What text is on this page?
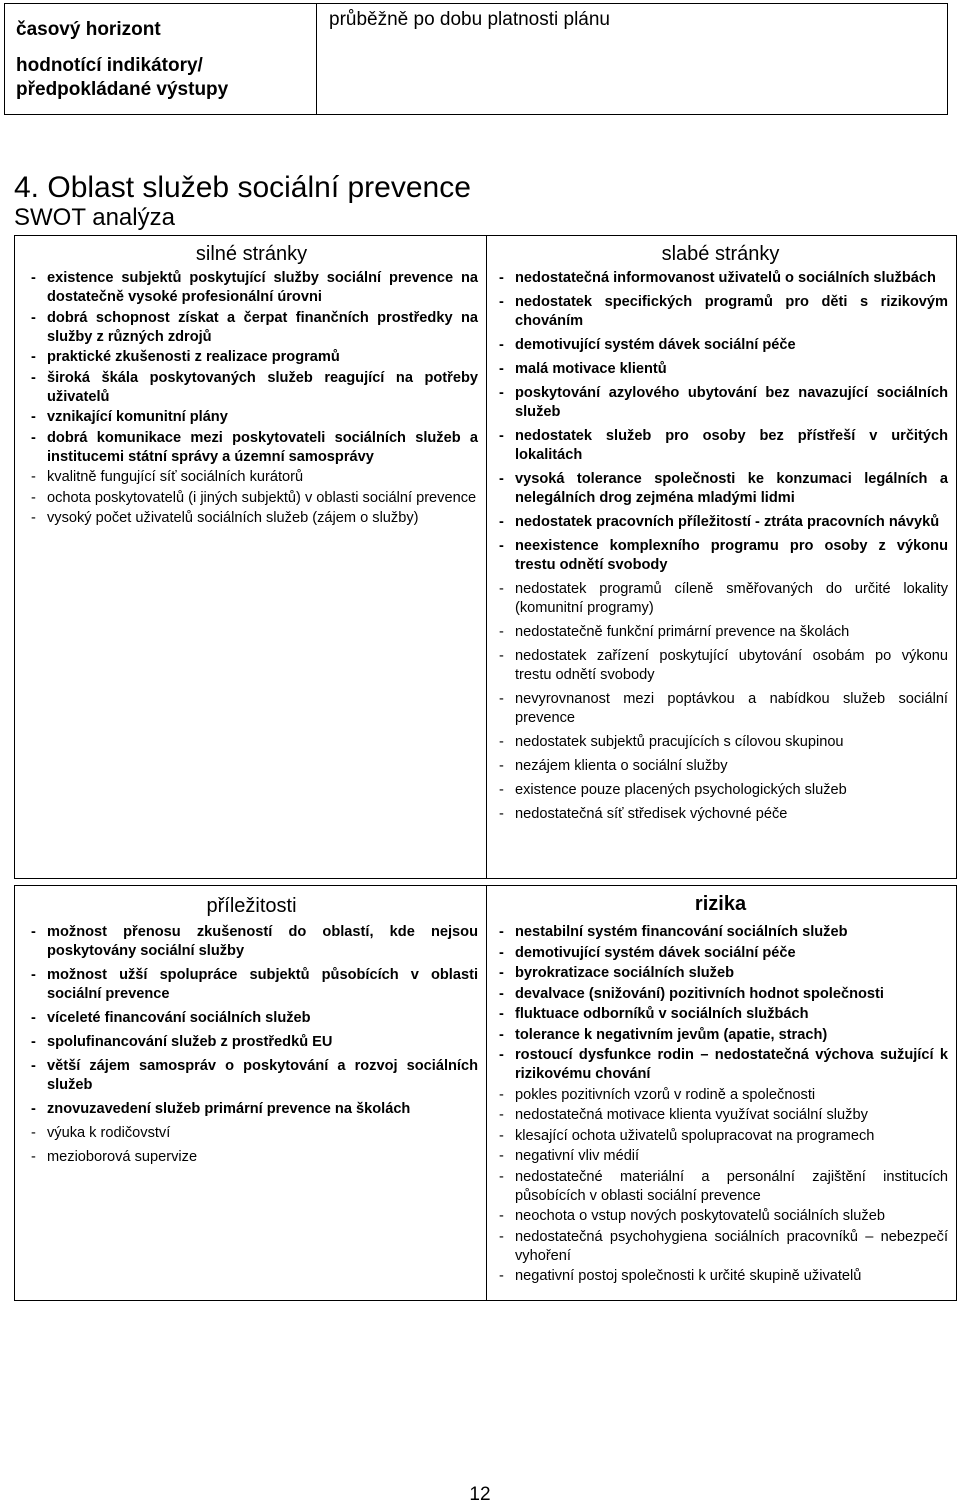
časový horizont
hodnotící indikátory/
předpokládané výstupy
	průběžně po dobu platnosti plánu
4. Oblast služeb sociální prevence
SWOT analýza

silné stránky

- existence subjektů poskytující služby sociální prevence na dostatečně vysoké profesionální úrovni
- dobrá schopnost získat a čerpat finančních prostředky na služby z různých zdrojů
- praktické zkušenosti z realizace programů
- široká škála poskytovaných služeb reagující na potřeby uživatelů
- vznikající komunitní plány
- dobrá komunikace mezi poskytovateli sociálních služeb a institucemi státní správy a územní samosprávy
- kvalitně fungující síť sociálních kurátorů
- ochota poskytovatelů (i jiných subjektů) v oblasti sociální prevence
- vysoký počet uživatelů sociálních služeb (zájem o služby)

slabé stránky

- nedostatečná informovanost uživatelů o sociálních službách
- nedostatek specifických programů pro děti s rizikovým chováním
- demotivující systém dávek sociální péče
- malá motivace klientů
- poskytování azylového ubytování bez navazující sociálních služeb
- nedostatek služeb pro osoby bez přístřeší v určitých lokalitách
- vysoká tolerance společnosti ke konzumaci legálních a nelegálních drog zejména mladými lidmi
- nedostatek pracovních příležitostí - ztráta pracovních návyků
- neexistence komplexního programu pro osoby z výkonu trestu odnětí svobody
- nedostatek programů cíleně směřovaných do určité lokality (komunitní programy)
- nedostatečně funkční primární prevence na školách
- nedostatek zařízení poskytující ubytování osobám po výkonu trestu odnětí svobody
- nevyrovnanost mezi poptávkou a nabídkou služeb sociální prevence
- nedostatek subjektů pracujících s cílovou skupinou
- nezájem klienta o sociální služby
- existence pouze placených psychologických služeb
- nedostatečná síť středisek výchovné péče

příležitosti

- možnost přenosu zkušeností do oblastí, kde nejsou poskytovány sociální služby
- možnost užší spolupráce subjektů působících v oblasti sociální prevence
- víceleté financování sociálních služeb
- spolufinancování služeb z prostředků EU
- větší zájem samospráv o poskytování a rozvoj sociálních služeb
- znovuzavedení služeb primární prevence na školách
- výuka k rodičovství
- mezioborová supervize

rizika

- nestabilní systém financování sociálních služeb
- demotivující systém dávek sociální péče
- byrokratizace sociálních služeb
- devalvace (snižování) pozitivních hodnot společnosti
- fluktuace odborníků v sociálních službách
- tolerance k negativním jevům (apatie, strach)
- rostoucí dysfunkce rodin – nedostatečná výchova sužující k rizikovému chování
- pokles pozitivních vzorů v rodině a společnosti
- nedostatečná motivace klienta využívat sociální služby
- klesající ochota uživatelů spolupracovat na programech
- negativní vliv médií
- nedostatečné materiální a personální zajištění institucích působících v oblasti sociální prevence
- neochota o vstup nových poskytovatelů sociálních služeb
- nedostatečná psychohygiena sociálních pracovníků – nebezpečí vyhoření
- negativní postoj společnosti k určité skupině uživatelů
12
